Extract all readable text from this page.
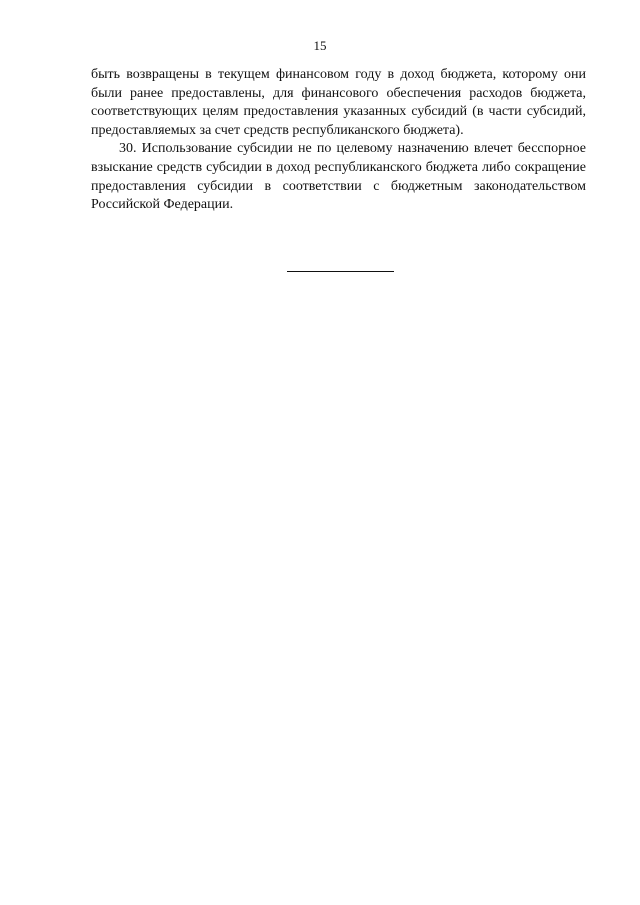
15

быть возвращены в текущем финансовом году в доход бюджета, которому они были ранее предоставлены, для финансового обеспечения расходов бюджета, соответствующих целям предоставления указанных субсидий (в части субсидий, предоставляемых за счет средств республиканского бюджета).

30. Использование субсидии не по целевому назначению влечет бесспорное взыскание средств субсидии в доход республиканского бюджета либо сокращение предоставления субсидии в соответствии с бюджетным законодательством Российской Федерации.
